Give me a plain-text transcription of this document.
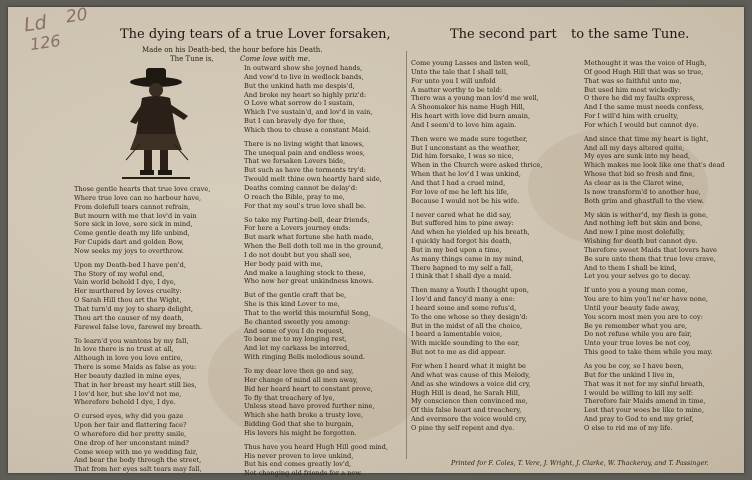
Ld 20
126	The dying tears of a true Lover forsaken,	The second part to the same Tune.
Made on his Death-bed, the hour before his Death.
The Tune is,	Come love with me.
Those gentle hearts that true love crave,
Where true love can no harbour have,
From dolefull tears cannot refrain,
But mourn with me that lov'd in vain
Sore sick in love, sore sick in mind,
Come gentle death my life unbind,
For Cupids dart and golden Bow,
Now seeks my joys to overthrow.
Upon my Death-bed I have pen'd,
The Story of my woful end,
Vain world behold I dye, I dye,
Her murthered by loves cruelty:
O Sarah Hill thou art the Wight,
That turn'd my joy to sharp delight,
Thou art the causer of my death,
Farewel false love, farewel my breath.
To learn'd you wantons by my fall,
In love there is no trust at all,
Although in love you love entire,
There is some Maids as false as you:
Her beauty dazled in mine eyes,
That in her breast my heart still lies,
I lov'd her, but she lov'd not me,
Wherefore behold I dye, I dye.
O cursed eyes, why did you gaze
Upon her fair and flattering face?
O wherefore did her pretty smile,
One drop of her unconstant mind?
Come weep with me ye wedding fair,
And bear the body through the street,
That from her eyes salt tears may fall,
In outward show she joyned hands,
And vow'd to live in wedlock bands,
But the unkind hath me despis'd,
And broke my heart so highly priz'd:
O Love what sorrow do I sustain,
Which I've sustain'd, and lov'd in vain,
But I can bravely dye for thee,
Which thou to chuse a constant Maid.
There is no living wight that knows,
The unequal pain and endless woes,
That we forsaken Lovers bide,
But such as have the torments try'd:
Twould melt thine own heartly hard side,
Deaths coming cannot be delay'd:
O reach the Bible, pray to me,
For that my soul's true love shall be.
So take my Parting-bell, dear friends,
For here a Lovers journey ends:
But mark what fortune she hath made,
When the Bell doth toll me in the ground,
I do not doubt but you shall see,
Her body paid with me,
And make a laughing stock to these,
Who now her great unkindness knows.
But of the gentle craft that be,
She is this kind Lover to me,
That to the world this mournful Song,
Be chanted sweetly you among:
And some of you I do request,
To bear me to my longing rest,
And let my carkass be interred,
With ringing Bells melodious sound.
To my dear love then go and say,
Her change of mind all men away,
Bid her heard heart to constant prove,
To fly that treachery of lye,
Unless stead have proved further nine,
Which she hath broke a trusty love,
Bidding God that she to burgain,
His lovers his might be forgotten.
Thus have you heard Hugh Hill good mind,
His never proven to love unkind,
But his end comes greatly lov'd,
Not changing old friends for a new.
Come young Lasses and listen well,
Unto the tale that I shall tell,
For unto you I will unfold
A matter worthy to be told:
There was a young man lov'd me well,
A Shoomaker his name Hugh Hill,
His heart with love did burn amain,
And I seem'd to love him again.
Then were we made sure together,
But I unconstant as the weather,
Did him forsake, I was so nice,
When in the Church were asked thrice,
When that he lov'd I was unkind,
And that I had a cruel mind,
For love of me he left his life,
Because I would not be his wife.
I never cared what he did say,
But suffered him to pine away:
And when he yielded up his breath,
I quickly had forgot his death,
But in my bed upon a time,
As many things came in my mind,
There hapned to my self a fall,
I think that I shall dye a maid.
Then many a Youth I thought upon,
I lov'd and fancy'd many a one:
I heard some and some refus'd,
To the one whose so they design'd:
But in the midst of all the choice,
I heard a lamentable voice,
With mickle sounding to the ear,
But not to me as did appear.
For when I heard what it might be
And what was cause of this Melody,
And as she windows a voice did cry,
Hugh Hill is dead, he Sarah Hill,
My conscience then convinced me,
Of this false heart and treachery,
And evermore the voice would cry,
O pine thy self repent and dye.
Methought it was the voice of Hugh,
Of good Hugh Hill that was so true,
That was so faithful unto me,
But used him most wickedly:
O there he did my faults express,
And I the same must needs confess,
For I will'd him with cruelty,
For which I would but cannot dye.
And since that time my heart is light,
And all my days altered quite,
My eyes are sunk into my head,
Which makes me look like one that's dead
Whose that bid so fresh and fine,
As clear as is the Claret wine,
Is now transform'd to another hue,
Both grim and ghastfull to the view.
My skin is wither'd, my flesh is gone,
And nothing left but skin and bone,
And now I pine most dolefully,
Wishing for death but cannot dye.
Therefore sweet Maids that lovers have
Be sure unto them that true love crave,
And to them I shall be kind,
Let you your selves go to decay.
If unto you a young man come,
You are to him you'l ne'er have none,
Until your beauty fade away,
You scorn most men you are to coy:
Be ye remember what you are,
Do not refuse while you are fair,
Unto your true loves be not coy,
This good to take them while you may.
As you be coy, so I have been,
But for the unkind I live in,
That was it not for my sinful breath,
I would be willing to kill my self:
Therefore fair Maids amend in time,
Lest that your woes be like to mine,
And pray to God to end my grief,
O else to rid me of my life.
Printed for F. Coles, T. Vere, J. Wright, J. Clarke, W. Thackeray, and T. Passinger.
